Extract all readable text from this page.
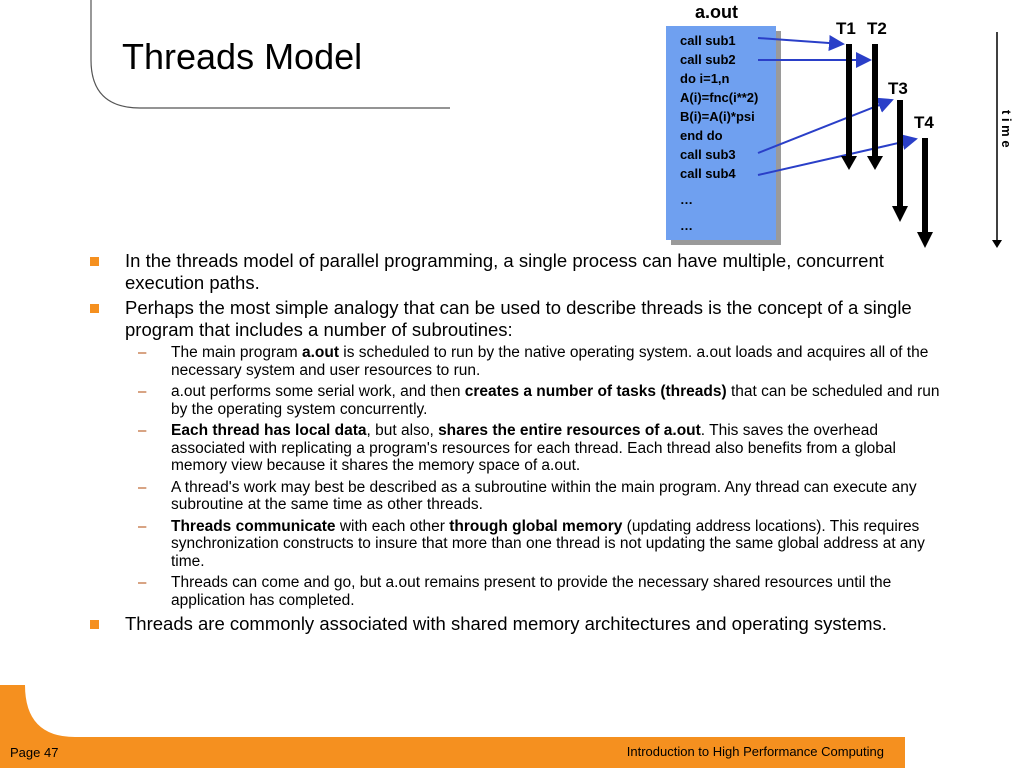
Threads Model
a.out
call sub1
call sub2
do i=1,n
A(i)=fnc(i**2)
B(i)=A(i)*psi
end do
call sub3
call sub4
…
…
T1 T2
T3
T4	t i m e
In the threads model of parallel programming, a single process can have multiple, concurrent execution paths.
Perhaps the most simple analogy that can be used to describe threads is the concept of a single program that includes a number of subroutines:
– The main program a.out is scheduled to run by the native operating system. a.out loads and acquires all of the necessary system and user resources to run.
– a.out performs some serial work, and then creates a number of tasks (threads) that can be scheduled and run by the operating system concurrently.
– Each thread has local data, but also, shares the entire resources of a.out. This saves the overhead associated with replicating a program's resources for each thread. Each thread also benefits from a global memory view because it shares the memory space of a.out.
– A thread's work may best be described as a subroutine within the main program. Any thread can execute any subroutine at the same time as other threads.
– Threads communicate with each other through global memory (updating address locations). This requires synchronization constructs to insure that more than one thread is not updating the same global address at any time.
– Threads can come and go, but a.out remains present to provide the necessary shared resources until the application has completed.
Threads are commonly associated with shared memory architectures and operating systems.
Page 47	Introduction to High Performance Computing
